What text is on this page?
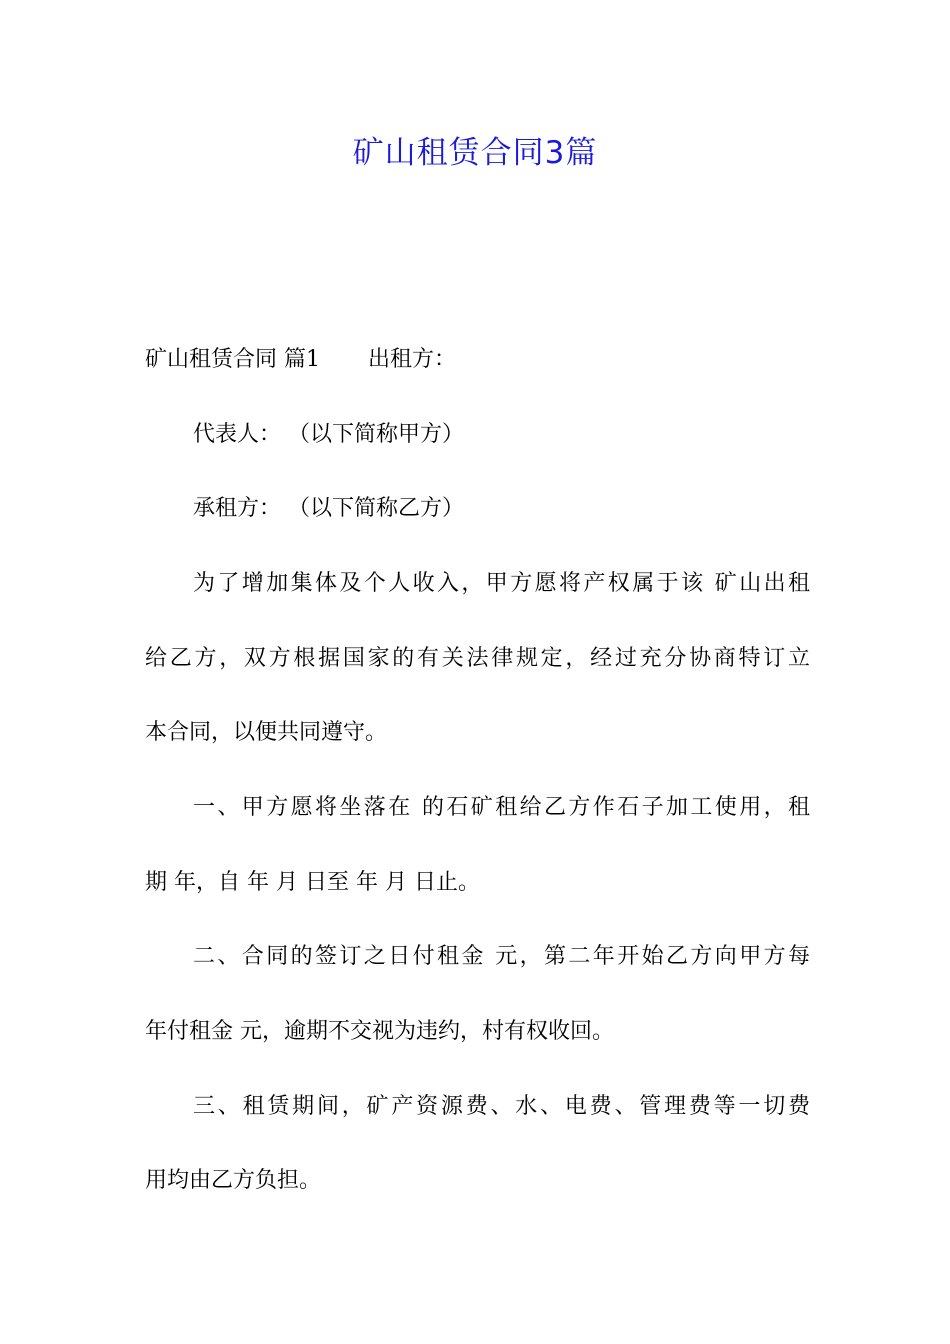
矿山租赁合同3篇
矿山租赁合同 篇1 出租方：
代表人： （以下简称甲方）
承租方： （以下简称乙方）
为了增加集体及个人收入，甲方愿将产权属于该 矿山出租
给乙方，双方根据国家的有关法律规定，经过充分协商特订立
本合同，以便共同遵守。
一、甲方愿将坐落在 的石矿租给乙方作石子加工使用，租
期 年，自 年 月 日至 年 月 日止。
二、合同的签订之日付租金 元，第二年开始乙方向甲方每
年付租金 元，逾期不交视为违约，村有权收回。
三、租赁期间，矿产资源费、水、电费、管理费等一切费
用均由乙方负担。
